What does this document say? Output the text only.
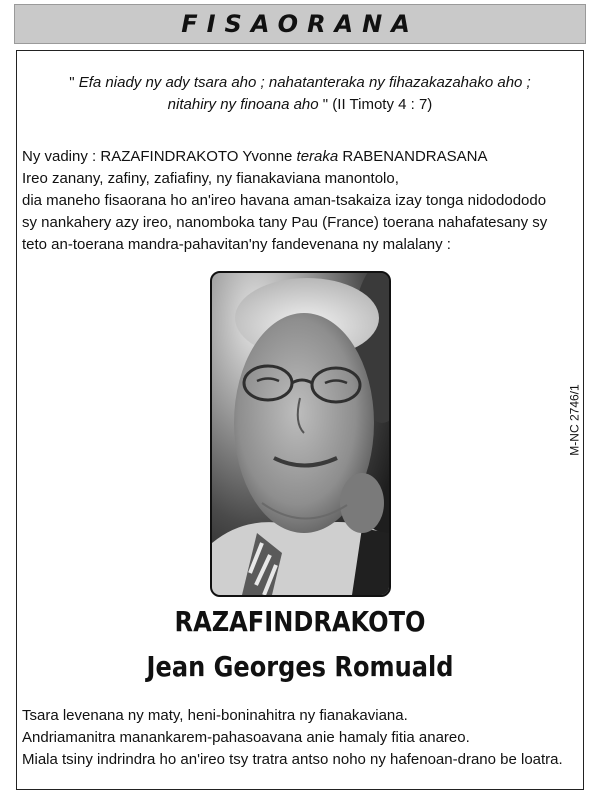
FISAORANA
" Efa niady ny ady tsara aho ; nahatanteraka ny fihazakazahako aho ;
nitahiry ny finoana aho " (II Timoty 4 : 7)
Ny vadiny : RAZAFINDRAKOTO Yvonne teraka RABENANDRASANA
Ireo zanany, zafiny, zafiafiny, ny fianakaviana manontolo,
dia maneho fisaorana ho an'ireo havana aman-tsakaiza izay tonga nidodododo
sy nankahery azy ireo, nanomboka tany Pau (France) toerana nahafatesany sy
teto an-toerana mandra-pahavitan'ny fandevenana ny malalany :
M-NC 2746/1
RAZAFINDRAKOTO
Jean Georges Romuald
Tsara levenana ny maty, heni-boninahitra ny fianakaviana.
Andriamanitra manankarem-pahasoavana anie hamaly fitia anareo.
Miala tsiny indrindra ho an'ireo tsy tratra antso noho ny hafenoan-drano be loatra.
